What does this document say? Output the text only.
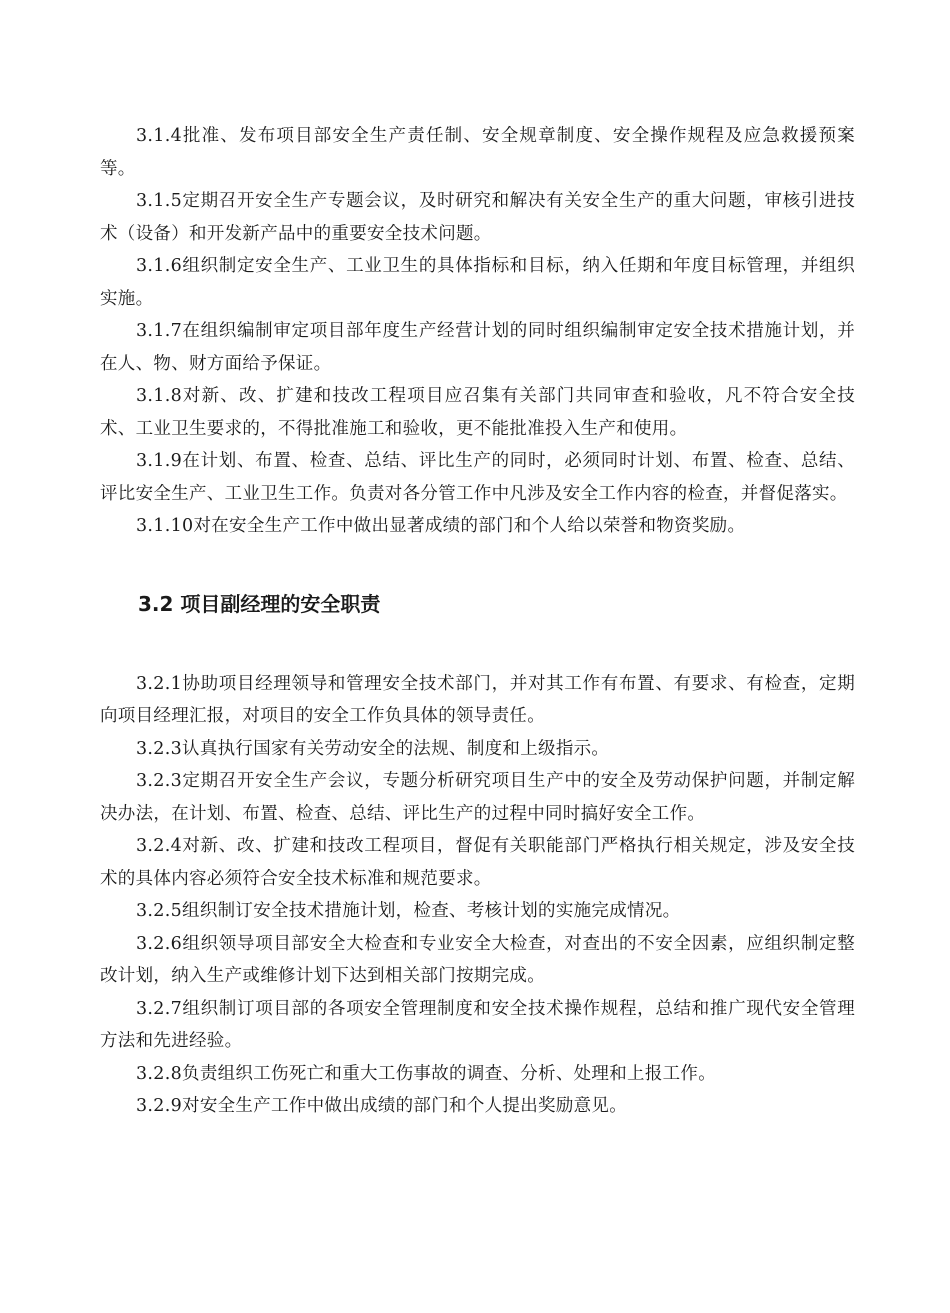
3.1.4批准、发布项目部安全生产责任制、安全规章制度、安全操作规程及应急救援预案等。

3.1.5定期召开安全生产专题会议，及时研究和解决有关安全生产的重大问题，审核引进技术（设备）和开发新产品中的重要安全技术问题。

3.1.6组织制定安全生产、工业卫生的具体指标和目标，纳入任期和年度目标管理，并组织实施。

3.1.7在组织编制审定项目部年度生产经营计划的同时组织编制审定安全技术措施计划，并在人、物、财方面给予保证。

3.1.8对新、改、扩建和技改工程项目应召集有关部门共同审查和验收，凡不符合安全技术、工业卫生要求的，不得批准施工和验收，更不能批准投入生产和使用。

3.1.9在计划、布置、检查、总结、评比生产的同时，必须同时计划、布置、检查、总结、评比安全生产、工业卫生工作。负责对各分管工作中凡涉及安全工作内容的检查，并督促落实。

3.1.10对在安全生产工作中做出显著成绩的部门和个人给以荣誉和物资奖励。

3.2 项目副经理的安全职责

3.2.1协助项目经理领导和管理安全技术部门，并对其工作有布置、有要求、有检查，定期向项目经理汇报，对项目的安全工作负具体的领导责任。

3.2.3认真执行国家有关劳动安全的法规、制度和上级指示。

3.2.3定期召开安全生产会议，专题分析研究项目生产中的安全及劳动保护问题，并制定解决办法，在计划、布置、检查、总结、评比生产的过程中同时搞好安全工作。

3.2.4对新、改、扩建和技改工程项目，督促有关职能部门严格执行相关规定，涉及安全技术的具体内容必须符合安全技术标准和规范要求。

3.2.5组织制订安全技术措施计划，检查、考核计划的实施完成情况。

3.2.6组织领导项目部安全大检查和专业安全大检查，对查出的不安全因素，应组织制定整改计划，纳入生产或维修计划下达到相关部门按期完成。

3.2.7组织制订项目部的各项安全管理制度和安全技术操作规程，总结和推广现代安全管理方法和先进经验。

3.2.8负责组织工伤死亡和重大工伤事故的调查、分析、处理和上报工作。

3.2.9对安全生产工作中做出成绩的部门和个人提出奖励意见。
